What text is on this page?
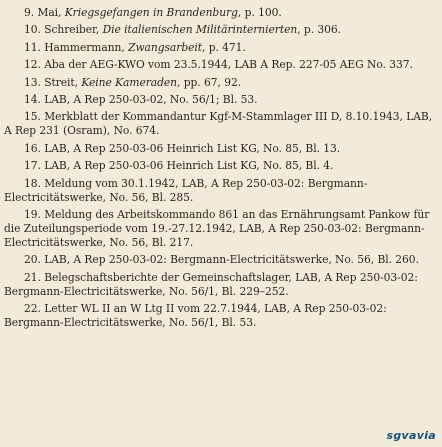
9. Mai, Kriegsgefangen in Brandenburg, p. 100.

10. Schreiber, Die italienischen Militärinternierten, p. 306.

11. Hammermann, Zwangsarbeit, p. 471.

12. Aba der AEG-KWO vom 23.5.1944, LAB A Rep. 227-05 AEG No. 337.

13. Streit, Keine Kameraden, pp. 67, 92.

14. LAB, A Rep 250-03-02, No. 56/1; Bl. 53.

15. Merkblatt der Kommandantur Kgf-M-Stammlager III D, 8.10.1943, LAB, A Rep 231 (Osram), No. 674.

16. LAB, A Rep 250-03-06 Heinrich List KG, No. 85, Bl. 13.

17. LAB, A Rep 250-03-06 Heinrich List KG, No. 85, Bl. 4.

18. Meldung vom 30.1.1942, LAB, A Rep 250-03-02: Bergmann-Electricitätswerke, No. 56, Bl. 285.

19. Meldung des Arbeitskommando 861 an das Ernährungsamt Pankow für die Zuteilungsperiode vom 19.-27.12.1942, LAB, A Rep 250-03-02: Bergmann-Electricitätswerke, No. 56, Bl. 217.

20. LAB, A Rep 250-03-02: Bergmann-Electricitätswerke, No. 56, Bl. 260.

21. Belegschaftsberichte der Gemeinschaftslager, LAB, A Rep 250-03-02: Bergmann-Electricitätswerke, No. 56/1, Bl. 229–252.

22. Letter WL II an W Ltg II vom 22.7.1944, LAB, A Rep 250-03-02: Bergmann-Electricitätswerke, No. 56/1, Bl. 53.

sgvavia
